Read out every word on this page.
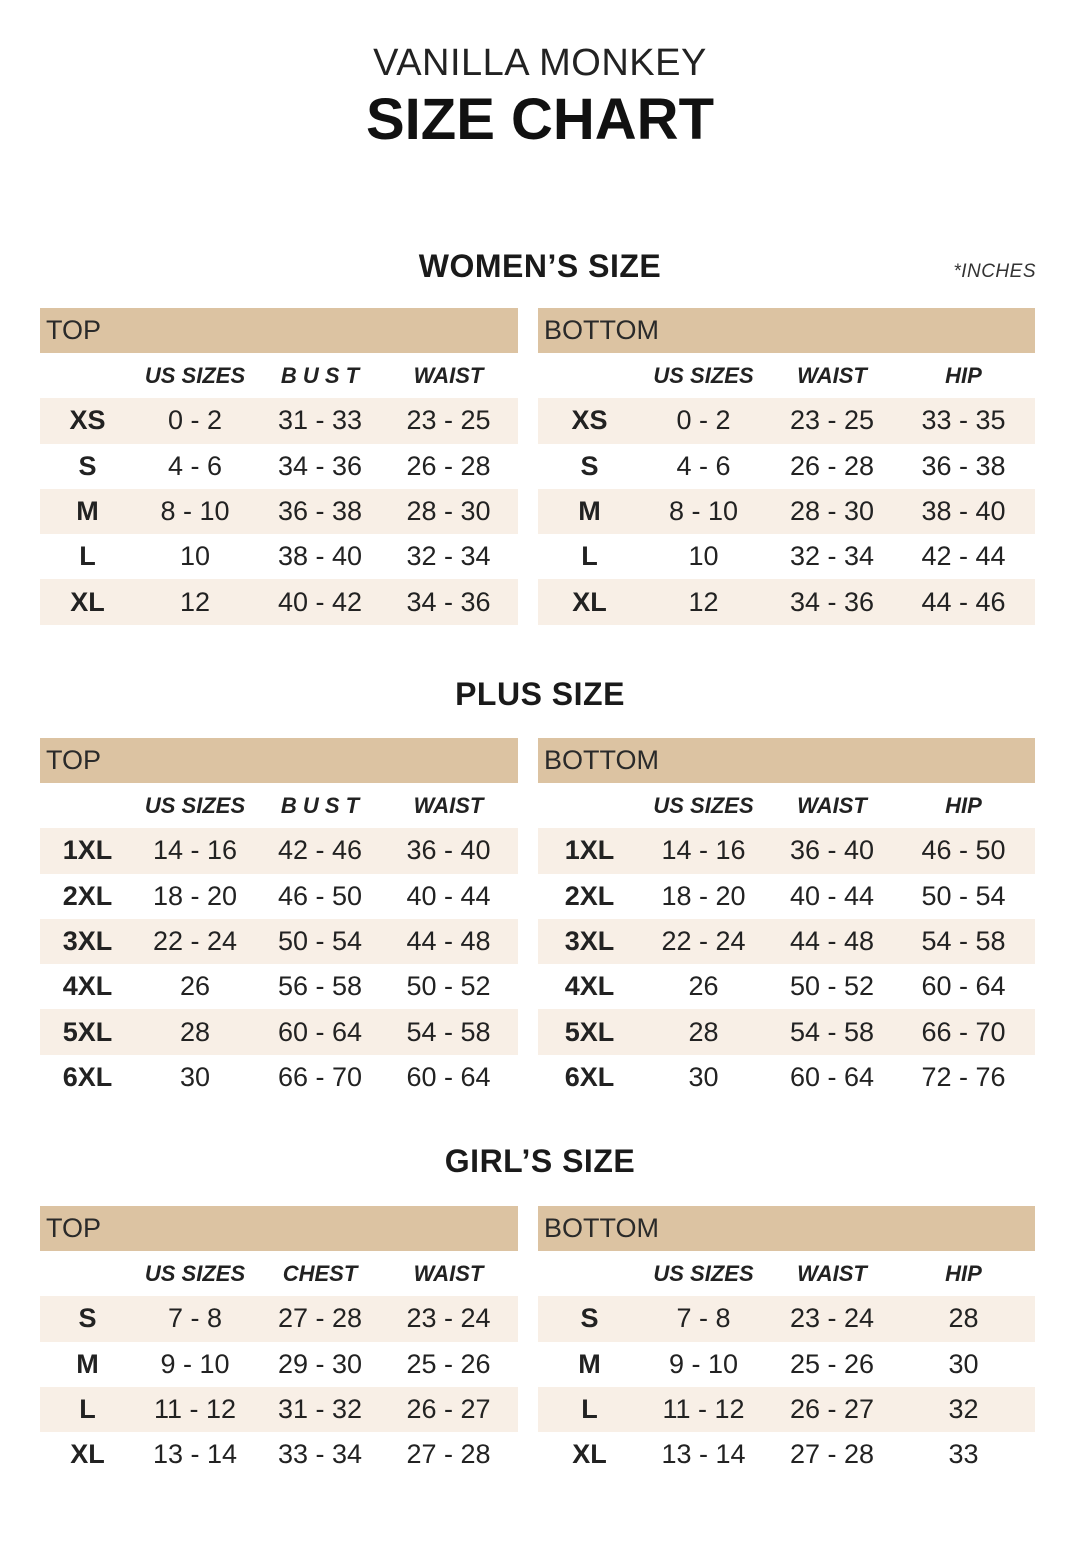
VANILLA MONKEY
SIZE CHART
*INCHES
WOMEN’S SIZE
TOP
US SIZES	B U S T	WAIST
XS	0 - 2	31 - 33	23 - 25
S	4 - 6	34 - 36	26 - 28
M	8 - 10	36 - 38	28 - 30
L	10	38 - 40	32 - 34
XL	12	40 - 42	34 - 36
BOTTOM
US SIZES	WAIST	HIP
XS	0 - 2	23 - 25	33 - 35
S	4 - 6	26 - 28	36 - 38
M	8 - 10	28 - 30	38 - 40
L	10	32 - 34	42 - 44
XL	12	34 - 36	44 - 46
PLUS SIZE
TOP
US SIZES	B U S T	WAIST
1XL	14 - 16	42 - 46	36 - 40
2XL	18 - 20	46 - 50	40 - 44
3XL	22 - 24	50 - 54	44 - 48
4XL	26	56 - 58	50 - 52
5XL	28	60 - 64	54 - 58
6XL	30	66 - 70	60 - 64
BOTTOM
US SIZES	WAIST	HIP
1XL	14 - 16	36 - 40	46 - 50
2XL	18 - 20	40 - 44	50 - 54
3XL	22 - 24	44 - 48	54 - 58
4XL	26	50 - 52	60 - 64
5XL	28	54 - 58	66 - 70
6XL	30	60 - 64	72 - 76
GIRL’S SIZE
TOP
US SIZES	CHEST	WAIST
S	7 - 8	27 - 28	23 - 24
M	9 - 10	29 - 30	25 - 26
L	11 - 12	31 - 32	26 - 27
XL	13 - 14	33 - 34	27 - 28
BOTTOM
US SIZES	WAIST	HIP
S	7 - 8	23 - 24	28
M	9 - 10	25 - 26	30
L	11 - 12	26 - 27	32
XL	13 - 14	27 - 28	33
